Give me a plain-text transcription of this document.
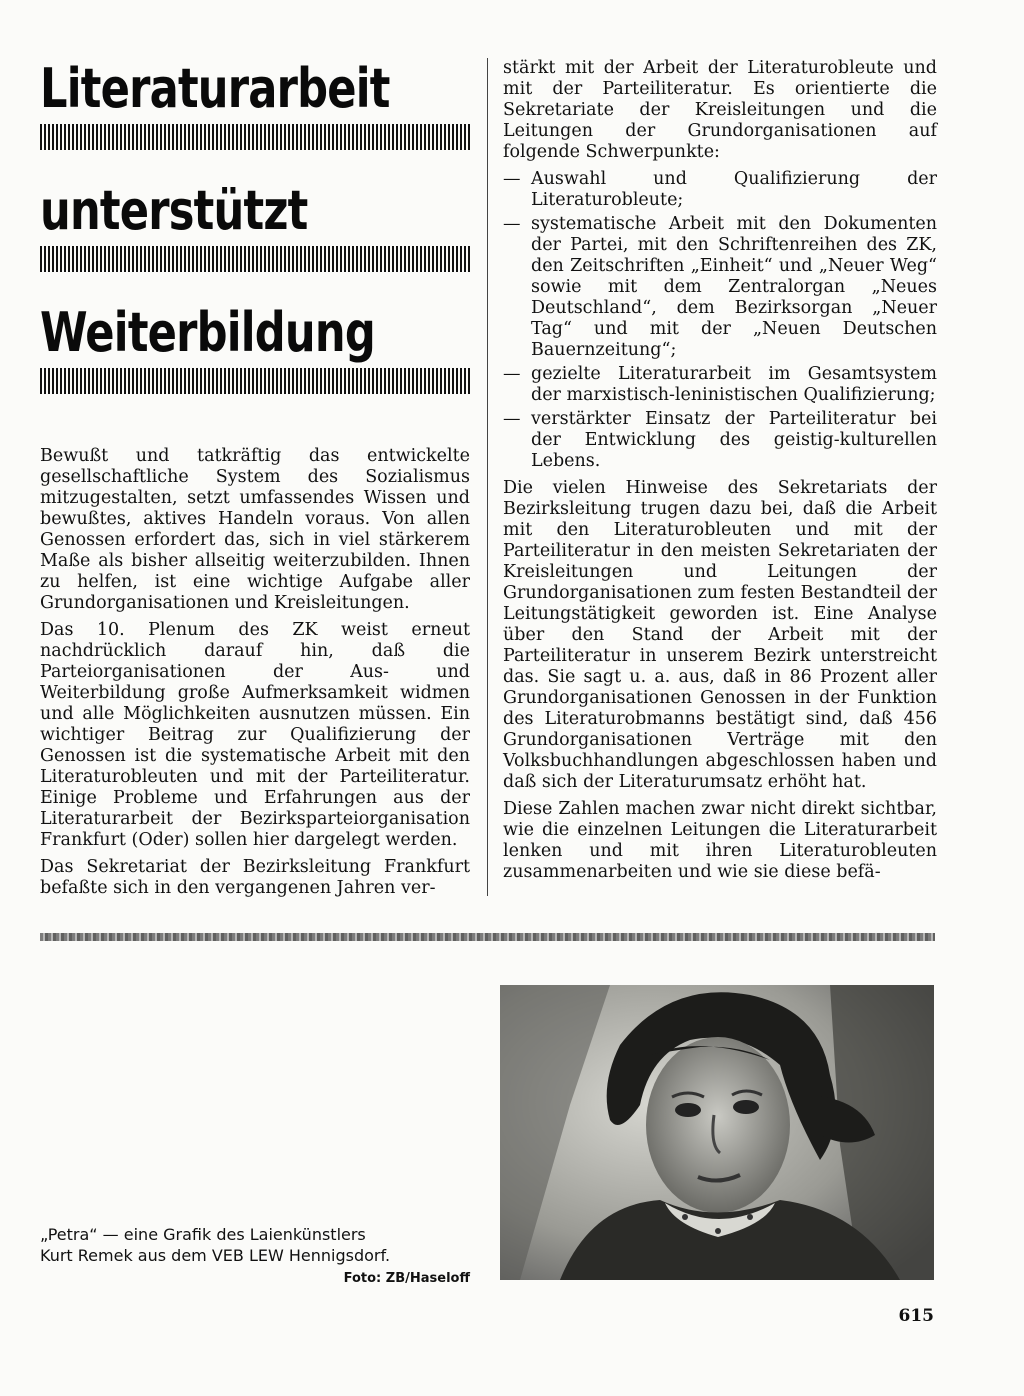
Literaturarbeit
unterstützt
Weiterbildung

Bewußt und tatkräftig das entwickelte gesellschaftliche System des Sozialismus mitzugestalten, setzt umfassendes Wissen und bewußtes, aktives Handeln voraus. Von allen Genossen erfordert das, sich in viel stärkerem Maße als bisher allseitig weiterzubilden. Ihnen zu helfen, ist eine wichtige Aufgabe aller Grundorganisationen und Kreisleitungen.

Das 10. Plenum des ZK weist erneut nachdrücklich darauf hin, daß die Parteiorganisationen der Aus- und Weiterbildung große Aufmerksamkeit widmen und alle Möglichkeiten ausnutzen müssen. Ein wichtiger Beitrag zur Qualifizierung der Genossen ist die systematische Arbeit mit den Literaturobleuten und mit der Parteiliteratur. Einige Probleme und Erfahrungen aus der Literaturarbeit der Bezirksparteiorganisation Frankfurt (Oder) sollen hier dargelegt werden.

Das Sekretariat der Bezirksleitung Frankfurt befaßte sich in den vergangenen Jahren ver-

stärkt mit der Arbeit der Literaturobleute und mit der Parteiliteratur. Es orientierte die Sekretariate der Kreisleitungen und die Leitungen der Grundorganisationen auf folgende Schwerpunkte:

— Auswahl und Qualifizierung der Literaturobleute;
— systematische Arbeit mit den Dokumenten der Partei, mit den Schriftenreihen des ZK, den Zeitschriften „Einheit“ und „Neuer Weg“ sowie mit dem Zentralorgan „Neues Deutschland“, dem Bezirksorgan „Neuer Tag“ und mit der „Neuen Deutschen Bauernzeitung“;
— gezielte Literaturarbeit im Gesamtsystem der marxistisch-leninistischen Qualifizierung;
— verstärkter Einsatz der Parteiliteratur bei der Entwicklung des geistig-kulturellen Lebens.

Die vielen Hinweise des Sekretariats der Bezirksleitung trugen dazu bei, daß die Arbeit mit den Literaturobleuten und mit der Parteiliteratur in den meisten Sekretariaten der Kreisleitungen und Leitungen der Grundorganisationen zum festen Bestandteil der Leitungstätigkeit geworden ist. Eine Analyse über den Stand der Arbeit mit der Parteiliteratur in unserem Bezirk unterstreicht das. Sie sagt u. a. aus, daß in 86 Prozent aller Grundorganisationen Genossen in der Funktion des Literaturobmanns bestätigt sind, daß 456 Grundorganisationen Verträge mit den Volksbuchhandlungen abgeschlossen haben und daß sich der Literaturumsatz erhöht hat.

Diese Zahlen machen zwar nicht direkt sichtbar, wie die einzelnen Leitungen die Literaturarbeit lenken und mit ihren Literaturobleuten zusammenarbeiten und wie sie diese befä-

„Petra“ — eine Grafik des Laienkünstlers
Kurt Remek aus dem VEB LEW Hennigsdorf.
Foto: ZB/Haseloff
615
